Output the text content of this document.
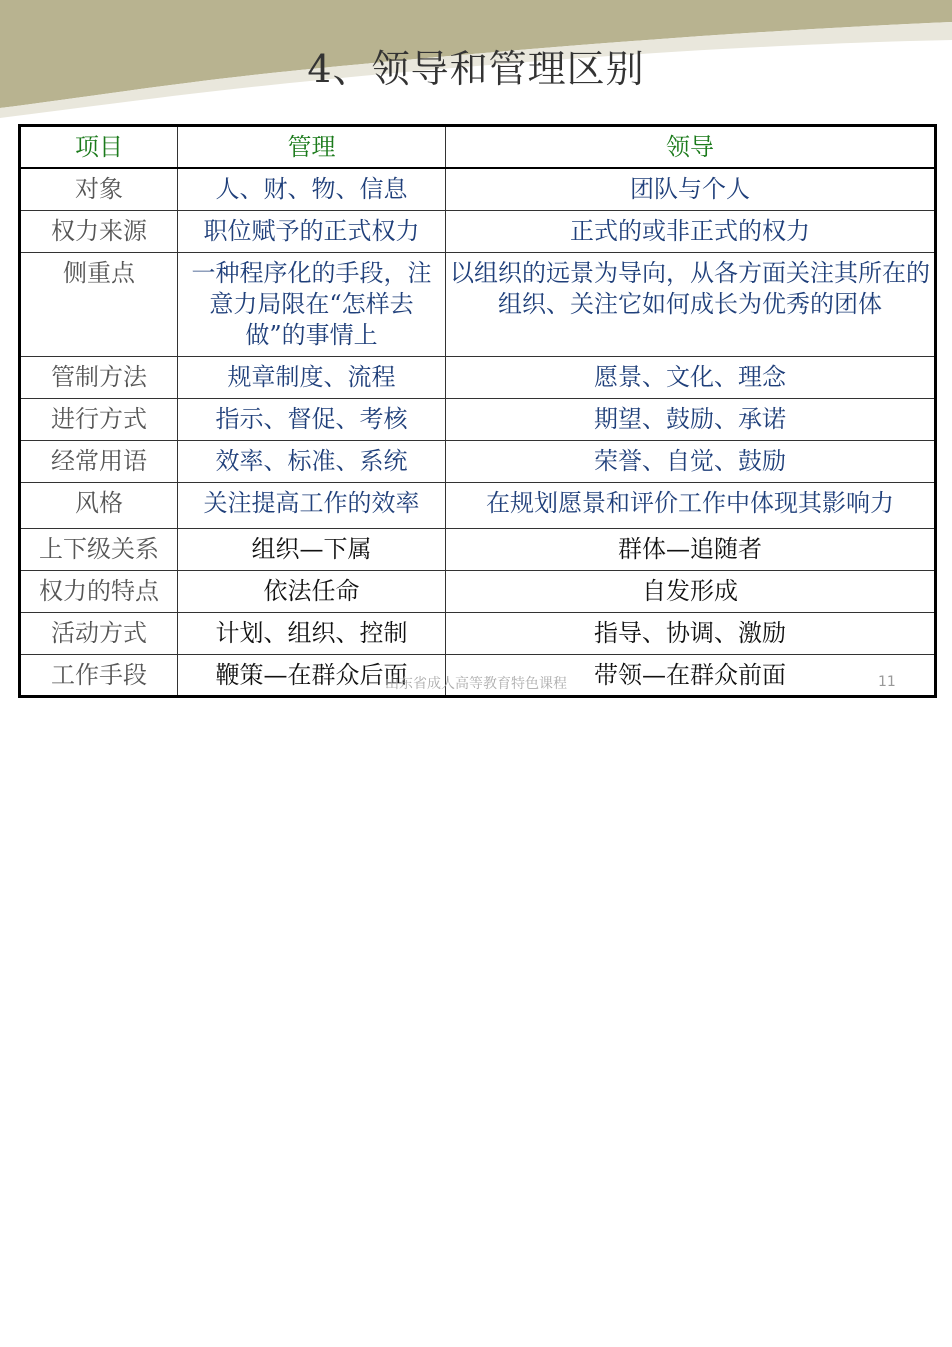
4、领导和管理区别
项目	管理	领导
对象	人、财、物、信息	团队与个人
权力来源	职位赋予的正式权力	正式的或非正式的权力
侧重点	一种程序化的手段，注意力局限在“怎样去做”的事情上	以组织的远景为导向，从各方面关注其所在的组织、关注它如何成长为优秀的团体
管制方法	规章制度、流程	愿景、文化、理念
进行方式	指示、督促、考核	期望、鼓励、承诺
经常用语	效率、标准、系统	荣誉、自觉、鼓励
风格	关注提高工作的效率	在规划愿景和评价工作中体现其影响力
上下级关系	组织—下属	群体—追随者
权力的特点	依法任命	自发形成
活动方式	计划、组织、控制	指导、协调、激励
工作手段	鞭策—在群众后面	带领—在群众前面
山东省成人高等教育特色课程	11
